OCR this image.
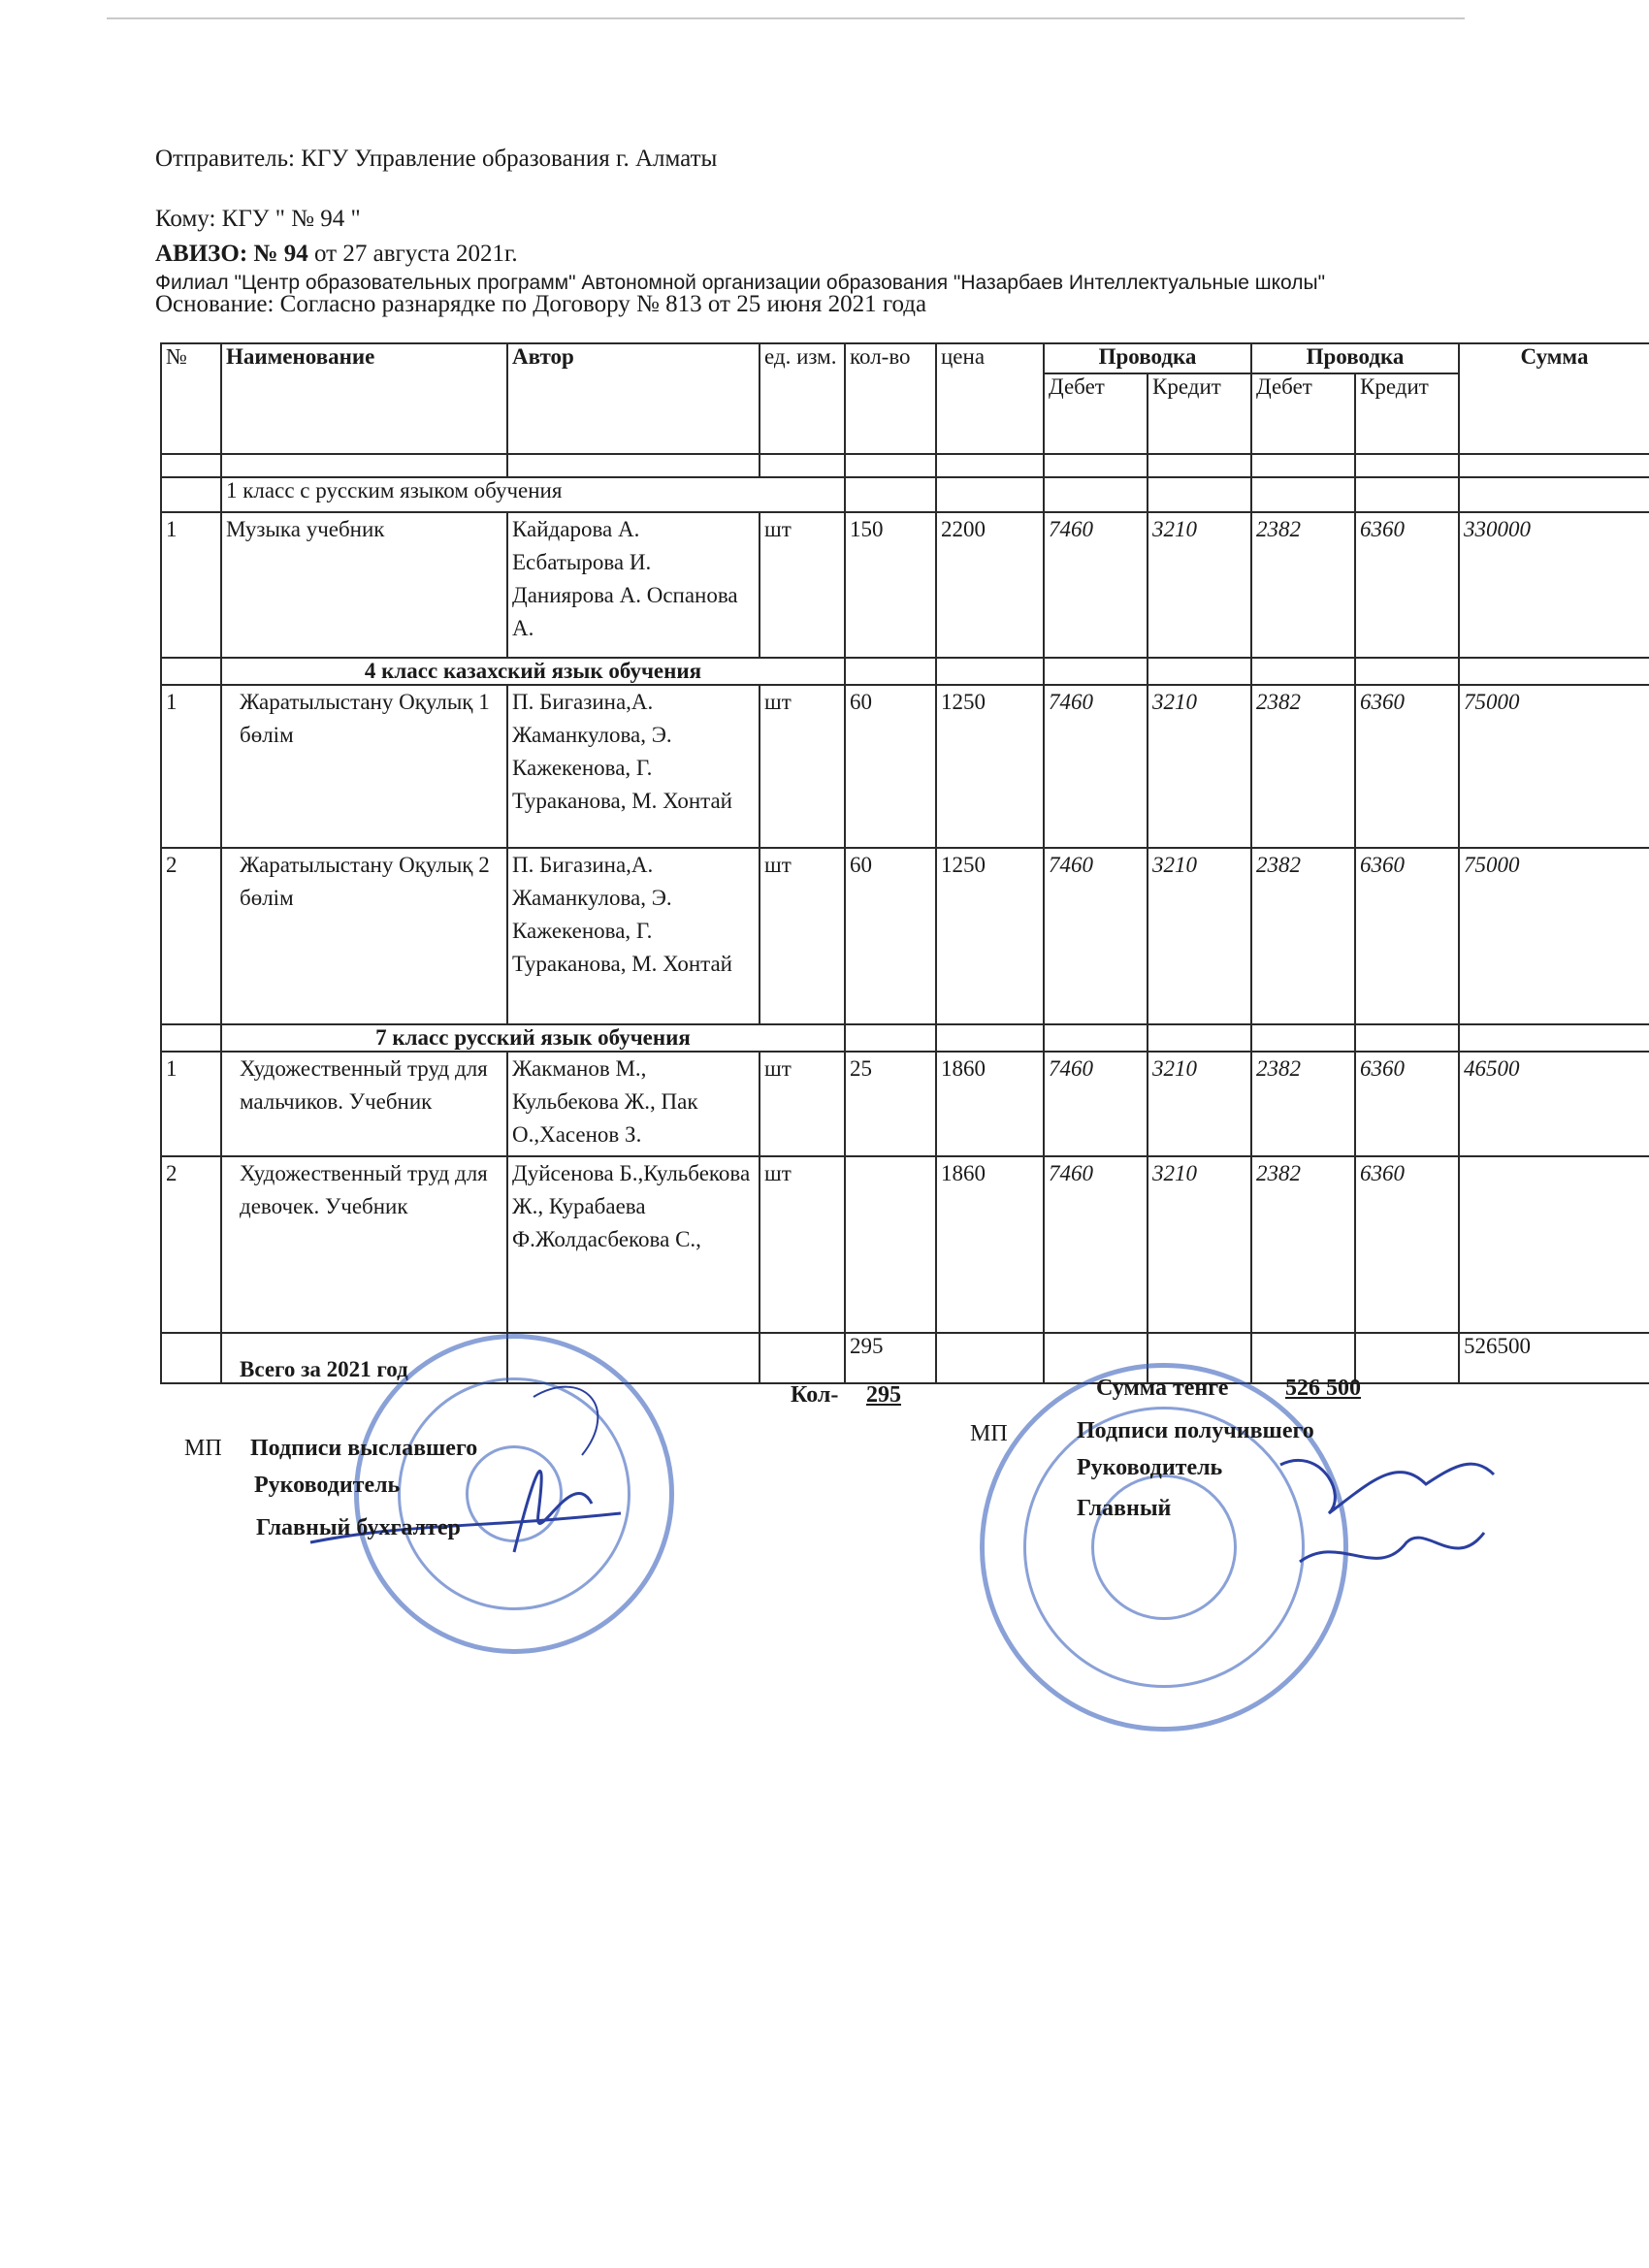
Отправитель: КГУ Управление образования г. Алматы
Кому: КГУ " № 94 "
АВИЗО: № 94 от 27 августа 2021г.
Филиал "Центр образовательных программ" Автономной организации образования "Назарбаев Интеллектуальные школы"
Основание: Согласно разнарядке по Договору № 813 от 25 июня 2021 года
№	Наименование	Автор	ед. изм.	кол-во	цена	Проводка		Проводка		Сумма
						Дебет	Кредит	Дебет	Кредит	

	1 класс с русским языком обучения									
1	Музыка учебник	Кайдарова А. Есбатырова И. Даниярова А. Оспанова А.	шт	150	2200	7460	3210	2382	6360	330000
	4 класс казахский язык обучения									
1	Жаратылыстану Оқулық 1 бөлім	П. Бигазина,А. Жаманкулова, Э. Кажекенова, Г. Тураканова, М. Хонтай	шт	60	1250	7460	3210	2382	6360	75000
2	Жаратылыстану Оқулық 2 бөлім	П. Бигазина,А. Жаманкулова, Э. Кажекенова, Г. Тураканова, М. Хонтай	шт	60	1250	7460	3210	2382	6360	75000
	7 класс русский язык обучения									
1	Художественный труд для мальчиков. Учебник	Жакманов М., Кульбекова Ж., Пак О.,Хасенов З.	шт	25	1860	7460	3210	2382	6360	46500
2	Художественный труд для девочек. Учебник	Дуйсенова Б.,Кульбекова Ж., Курабаева Ф.Жолдасбекова С.,	шт		1860	7460	3210	2382	6360	
	Всего за 2021 год			295						526500
Кол- 295	Сумма тенге 526 500
МП Подписи выславшего
Руководитель
Главный бухгалтер
МП	Подписи получившего
Руководитель
Главный
